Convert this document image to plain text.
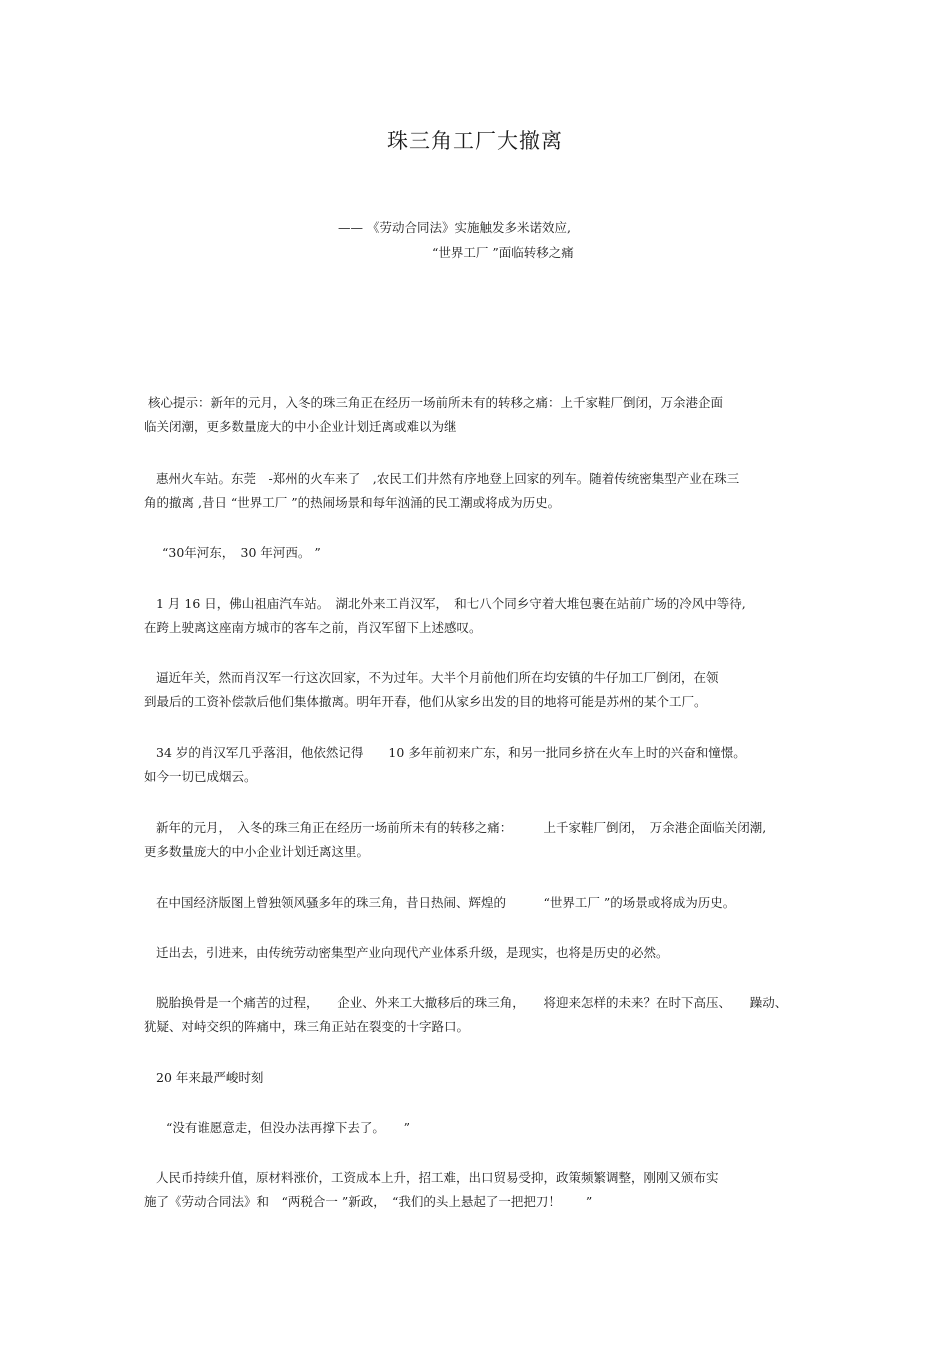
珠三角工厂大撤离
—— 《劳动合同法》实施触发多米诺效应,
“世界工厂 ”面临转移之痛
核心提示：新年的元月，入冬的珠三角正在经历一场前所未有的转移之痛：上千家鞋厂倒闭，万余港企面
临关闭潮，更多数量庞大的中小企业计划迁离或难以为继
惠州火车站。东莞　-郑州的火车来了　,农民工们井然有序地登上回家的列车。随着传统密集型产业在珠三
角的撤离 ,昔日 “世界工厂 ”的热闹场景和每年汹涌的民工潮或将成为历史。
“30年河东，　30 年河西。 ”
1 月 16 日，佛山祖庙汽车站。　湖北外来工肖汉军，　和七八个同乡守着大堆包裹在站前广场的冷风中等待,
在跨上驶离这座南方城市的客车之前，肖汉军留下上述感叹。
逼近年关，然而肖汉军一行这次回家，不为过年。大半个月前他们所在均安镇的牛仔加工厂倒闭，在领
到最后的工资补偿款后他们集体撤离。明年开春，他们从家乡出发的目的地将可能是苏州的某个工厂。
34 岁的肖汉军几乎落泪，他依然记得　　10 多年前初来广东，和另一批同乡挤在火车上时的兴奋和憧憬。
如今一切已成烟云。
新年的元月，　入冬的珠三角正在经历一场前所未有的转移之痛：　　　上千家鞋厂倒闭，　万余港企面临关闭潮,
更多数量庞大的中小企业计划迁离这里。
在中国经济版图上曾独领风骚多年的珠三角，昔日热闹、辉煌的　　　“世界工厂 ”的场景或将成为历史。
迁出去，引进来，由传统劳动密集型产业向现代产业体系升级，是现实，也将是历史的必然。
脱胎换骨是一个痛苦的过程，　　企业、外来工大撤移后的珠三角，　　将迎来怎样的未来？在时下高压、　　躁动、
犹疑、对峙交织的阵痛中，珠三角正站在裂变的十字路口。
20 年来最严峻时刻
“没有谁愿意走，但没办法再撑下去了。　　”
人民币持续升值，原材料涨价，工资成本上升，招工难，出口贸易受抑，政策频繁调整，刚刚又颁布实
施了《劳动合同法》和　“两税合一 ”新政，　“我们的头上悬起了一把把刀！　　”
